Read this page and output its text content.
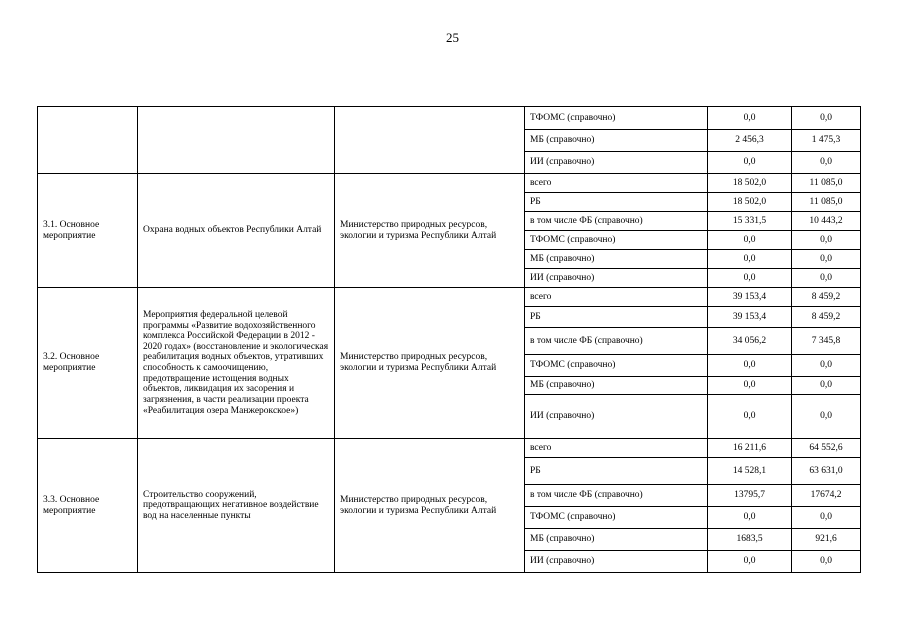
25
			ТФОМС (справочно)	0,0	0,0
			МБ (справочно)	2 456,3	1 475,3
			ИИ (справочно)	0,0	0,0
3.1. Основное мероприятие	Охрана водных объектов Республики Алтай	Министерство природных ресурсов, экологии и туризма Республики Алтай	всего	18 502,0	11 085,0
			РБ	18 502,0	11 085,0
			в том числе ФБ (справочно)	15 331,5	10 443,2
			ТФОМС (справочно)	0,0	0,0
			МБ (справочно)	0,0	0,0
			ИИ (справочно)	0,0	0,0
3.2. Основное мероприятие	Мероприятия федеральной целевой программы «Развитие водохозяйственного комплекса Российской Федерации в 2012 - 2020 годах» (восстановление и экологическая реабилитация водных объектов, утративших способность к самоочищению, предотвращение истощения водных объектов, ликвидация их засорения и загрязнения, в части реализации проекта «Реабилитация озера Манжерокское»)	Министерство природных ресурсов, экологии и туризма Республики Алтай	всего	39 153,4	8 459,2
			РБ	39 153,4	8 459,2
			в том числе ФБ (справочно)	34 056,2	7 345,8
			ТФОМС (справочно)	0,0	0,0
			МБ (справочно)	0,0	0,0
			ИИ (справочно)	0,0	0,0
3.3. Основное мероприятие	Строительство сооружений, предотвращающих негативное воздействие вод на населенные пункты	Министерство природных ресурсов, экологии и туризма Республики Алтай	всего	16 211,6	64 552,6
			РБ	14 528,1	63 631,0
			в том числе ФБ (справочно)	13795,7	17674,2
			ТФОМС (справочно)	0,0	0,0
			МБ (справочно)	1683,5	921,6
			ИИ (справочно)	0,0	0,0
